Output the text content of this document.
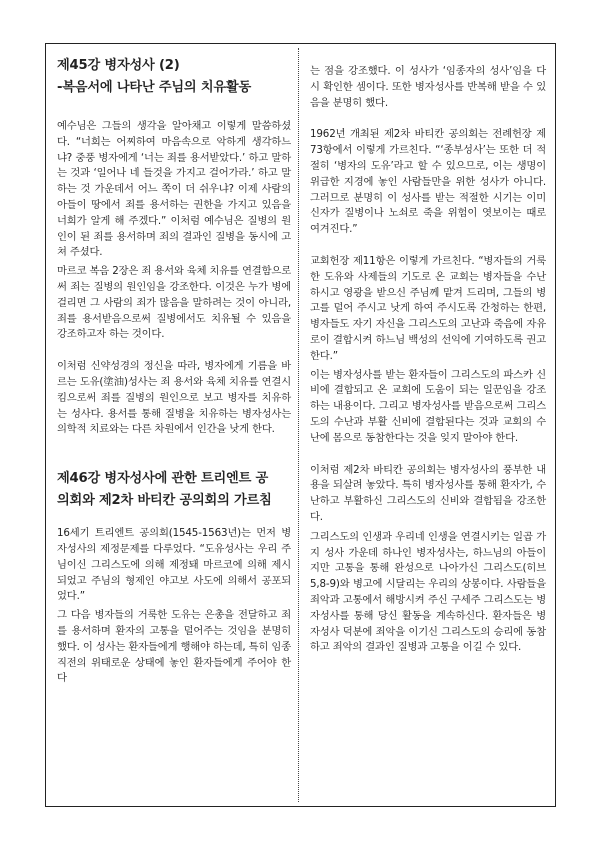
제45강 병자성사 (2)

-복음서에 나타난 주님의 치유활동

예수님은 그들의 생각을 알아채고 이렇게 말씀하셨다. “너희는 어찌하여 마음속으로 악하게 생각하느냐? 중풍 병자에게 ‘너는 죄를 용서받았다.’ 하고 말하는 것과 ‘일어나 네 들것을 가지고 걸어가라.’ 하고 말하는 것 가운데서 어느 쪽이 더 쉬우냐? 이제 사람의 아들이 땅에서 죄를 용서하는 권한을 가지고 있음을 너희가 알게 해 주겠다.” 이처럼 예수님은 질병의 원인이 된 죄를 용서하며 죄의 결과인 질병을 동시에 고쳐 주셨다.

마르코 복음 2장은 죄 용서와 육체 치유를 연결함으로써 죄는 질병의 원인임을 강조한다. 이것은 누가 병에 걸리면 그 사람의 죄가 많음을 말하려는 것이 아니라, 죄를 용서받음으로써 질병에서도 치유될 수 있음을 강조하고자 하는 것이다.

이처럼 신약성경의 정신을 따라, 병자에게 기름을 바르는 도유(塗油)성사는 죄 용서와 육체 치유를 연결시킴으로써 죄를 질병의 원인으로 보고 병자를 치유하는 성사다. 용서를 통해 질병을 치유하는 병자성사는 의학적 치료와는 다른 차원에서 인간을 낫게 한다.

제46강 병자성사에 관한 트리엔트 공

의회와 제2차 바티칸 공의회의 가르침

16세기 트리엔트 공의회(1545-1563년)는 먼저 병자성사의 제정문제를 다루었다. “도유성사는 우리 주님이신 그리스도에 의해 제정돼 마르코에 의해 제시되었고 주님의 형제인 야고보 사도에 의해서 공포되었다.”

그 다음 병자들의 거룩한 도유는 은총을 전달하고 죄를 용서하며 환자의 고통을 덜어주는 것임을 분명히 했다. 이 성사는 환자들에게 행해야 하는데, 특히 임종 직전의 위태로운 상태에 놓인 환자들에게 주어야 한다

는 점을 강조했다. 이 성사가 ‘임종자의 성사’임을 다시 확인한 셈이다. 또한 병자성사를 반복해 받을 수 있음을 분명히 했다.

1962년 개최된 제2차 바티칸 공의회는 전례헌장 제73항에서 이렇게 가르친다. “‘종부성사’는 또한 더 적절히 ‘병자의 도유’라고 할 수 있으므로, 이는 생명이 위급한 지경에 놓인 사람들만을 위한 성사가 아니다. 그러므로 분명히 이 성사를 받는 적절한 시기는 이미 신자가 질병이나 노쇠로 죽을 위험이 엿보이는 때로 여겨진다.”

교회헌장 제11항은 이렇게 가르친다. “병자들의 거룩한 도유와 사제들의 기도로 온 교회는 병자들을 수난하시고 영광을 받으신 주님께 맡겨 드리며, 그들의 병고를 덜어 주시고 낫게 하여 주시도록 간청하는 한편, 병자들도 자기 자신을 그리스도의 고난과 죽음에 자유로이 결합시켜 하느님 백성의 선익에 기여하도록 권고한다.”

이는 병자성사를 받는 환자들이 그리스도의 파스카 신비에 결합되고 온 교회에 도움이 되는 일꾼임을 강조하는 내용이다. 그리고 병자성사를 받음으로써 그리스도의 수난과 부활 신비에 결합된다는 것과 교회의 수난에 몸으로 동참한다는 것을 잊지 말아야 한다.

이처럼 제2차 바티칸 공의회는 병자성사의 풍부한 내용을 되살려 놓았다. 특히 병자성사를 통해 환자가, 수난하고 부활하신 그리스도의 신비와 결합됨을 강조한다.

그리스도의 인생과 우리네 인생을 연결시키는 일곱 가지 성사 가운데 하나인 병자성사는, 하느님의 아들이지만 고통을 통해 완성으로 나아가신 그리스도(히브 5,8-9)와 병고에 시달리는 우리의 상봉이다. 사람들을 죄악과 고통에서 해방시켜 주신 구세주 그리스도는 병자성사를 통해 당신 활동을 계속하신다. 환자들은 병자성사 덕분에 죄악을 이기신 그리스도의 승리에 동참하고 죄악의 결과인 질병과 고통을 이길 수 있다.
